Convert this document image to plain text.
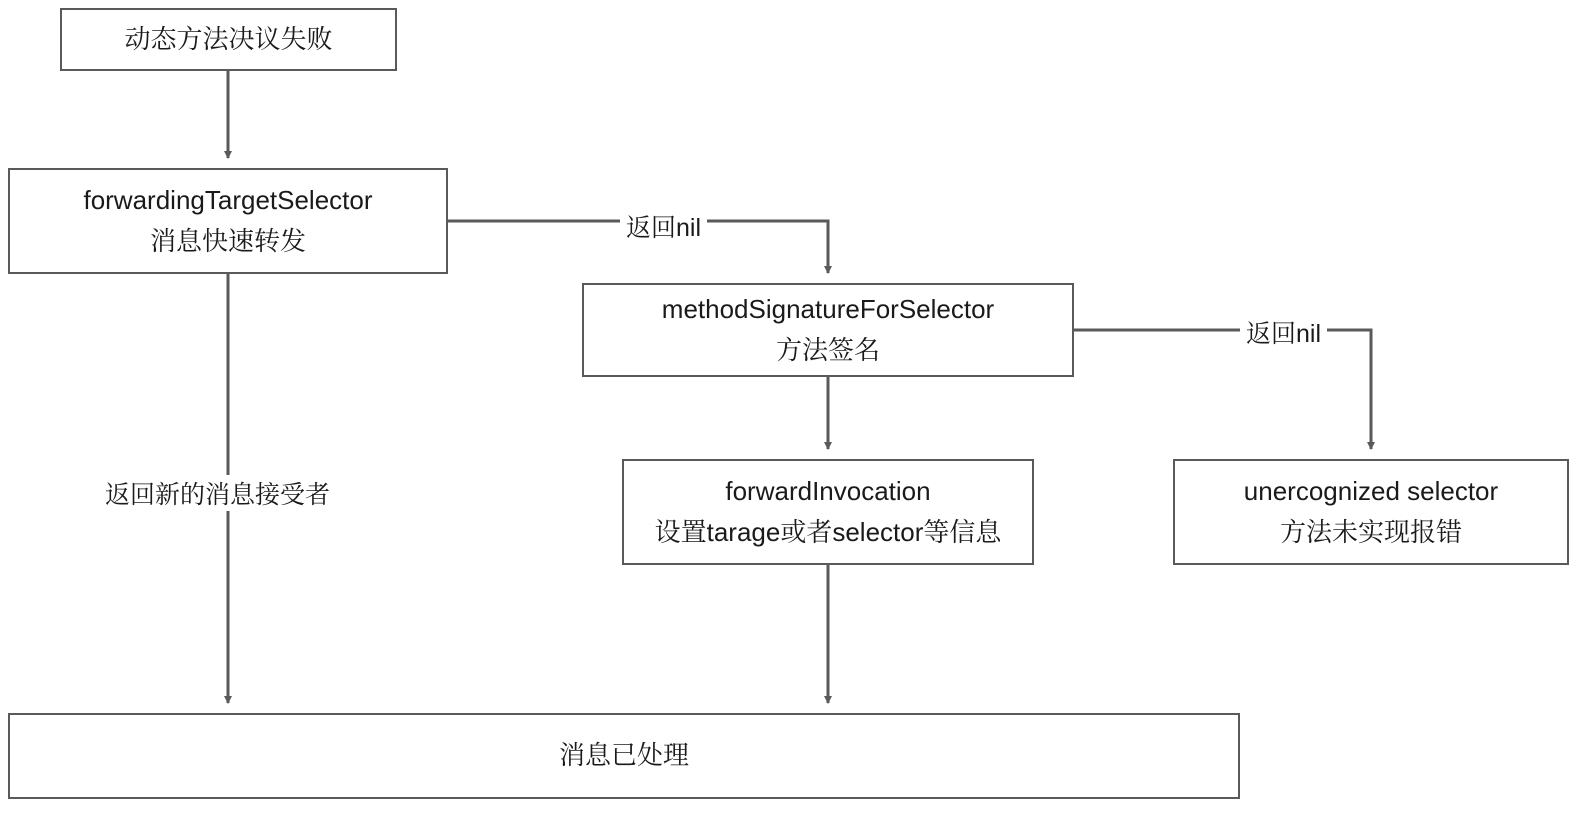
动态方法决议失败
forwardingTargetSelector
消息快速转发
methodSignatureForSelector
方法签名
forwardInvocation
设置tarage或者selector等信息
unercognized selector
方法未实现报错
消息已处理
返回nil
返回nil
返回新的消息接受者
